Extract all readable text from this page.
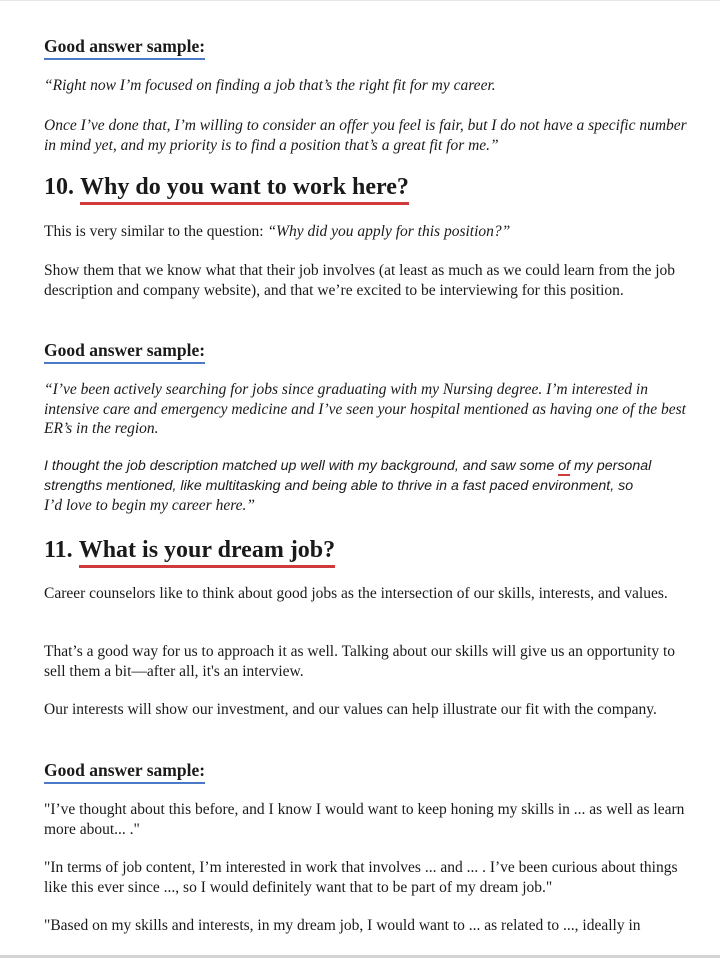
Good answer sample:

“Right now I’m focused on finding a job that’s the right fit for my career.

Once I’ve done that, I’m willing to consider an offer you feel is fair, but I do not have a specific number in mind yet, and my priority is to find a position that’s a great fit for me.”

10. Why do you want to work here?

This is very similar to the question: “Why did you apply for this position?”

Show them that we know what that their job involves (at least as much as we could learn from the job description and company website), and that we’re excited to be interviewing for this position.

Good answer sample:

“I’ve been actively searching for jobs since graduating with my Nursing degree. I’m interested in intensive care and emergency medicine and I’ve seen your hospital mentioned as having one of the best ER’s in the region.

I thought the job description matched up well with my background, and saw some of my personal strengths mentioned, like multitasking and being able to thrive in a fast paced environment, so
I’d love to begin my career here.”

11. What is your dream job?

Career counselors like to think about good jobs as the intersection of our skills, interests, and values.

That’s a good way for us to approach it as well. Talking about our skills will give us an opportunity to sell them a bit—after all, it's an interview.

Our interests will show our investment, and our values can help illustrate our fit with the company.

Good answer sample:

"I’ve thought about this before, and I know I would want to keep honing my skills in ... as well as learn more about... ."

"In terms of job content, I’m interested in work that involves ... and ... . I’ve been curious about things like this ever since ..., so I would definitely want that to be part of my dream job."

"Based on my skills and interests, in my dream job, I would want to ... as related to ..., ideally in
